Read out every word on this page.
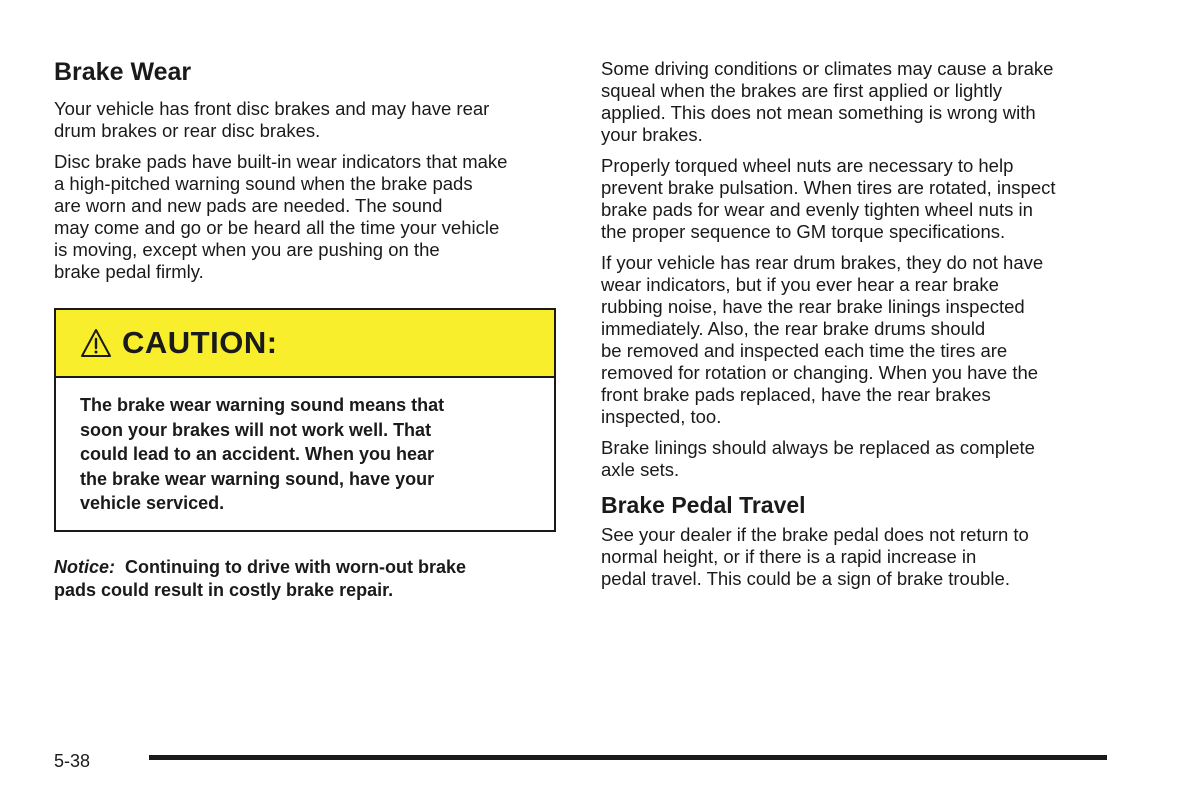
Brake Wear

Your vehicle has front disc brakes and may have rear
drum brakes or rear disc brakes.

Disc brake pads have built-in wear indicators that make
a high-pitched warning sound when the brake pads
are worn and new pads are needed. The sound
may come and go or be heard all the time your vehicle
is moving, except when you are pushing on the
brake pedal firmly.

CAUTION:
The brake wear warning sound means that
soon your brakes will not work well. That
could lead to an accident. When you hear
the brake wear warning sound, have your
vehicle serviced.
Notice: Continuing to drive with worn-out brake
pads could result in costly brake repair.

Some driving conditions or climates may cause a brake
squeal when the brakes are first applied or lightly
applied. This does not mean something is wrong with
your brakes.

Properly torqued wheel nuts are necessary to help
prevent brake pulsation. When tires are rotated, inspect
brake pads for wear and evenly tighten wheel nuts in
the proper sequence to GM torque specifications.

If your vehicle has rear drum brakes, they do not have
wear indicators, but if you ever hear a rear brake
rubbing noise, have the rear brake linings inspected
immediately. Also, the rear brake drums should
be removed and inspected each time the tires are
removed for rotation or changing. When you have the
front brake pads replaced, have the rear brakes
inspected, too.

Brake linings should always be replaced as complete
axle sets.

Brake Pedal Travel

See your dealer if the brake pedal does not return to
normal height, or if there is a rapid increase in
pedal travel. This could be a sign of brake trouble.

5-38
